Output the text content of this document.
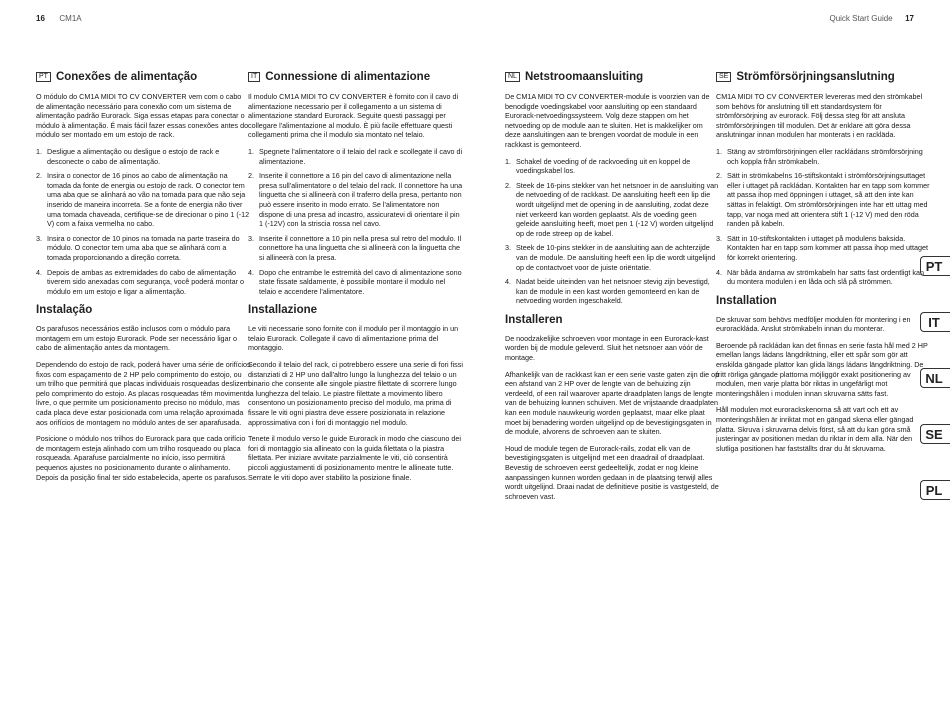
16 CM1A	Quick Start Guide 17
PT Conexões de alimentação

O módulo do CM1A MIDI TO CV CONVERTER vem com o cabo de alimentação necessário para conexão com um sistema de alimentação padrão Eurorack. Siga essas etapas para conectar o módulo à alimentação. É mais fácil fazer essas conexões antes do módulo ser montado em um estojo de rack.

1. Desligue a alimentação ou desligue o estojo de rack e desconecte o cabo de alimentação.
2. Insira o conector de 16 pinos ao cabo de alimentação na tomada da fonte de energia ou estojo de rack. O conector tem uma aba que se alinhará ao vão na tomada para que não seja inserido de maneira incorreta. Se a fonte de energia não tiver uma tomada chaveada, certifique-se de direcionar o pino 1 (-12 V) com a faixa vermelha no cabo.
3. Insira o conector de 10 pinos na tomada na parte traseira do módulo. O conector tem uma aba que se alinhará com a tomada proporcionando a direção correta.
4. Depois de ambas as extremidades do cabo de alimentação tiverem sido anexadas com segurança, você poderá montar o módulo em um estojo e ligar a alimentação.
Instalação

Os parafusos necessários estão inclusos com o módulo para montagem em um estojo Eurorack. Pode ser necessário ligar o cabo de alimentação antes da montagem.

Dependendo do estojo de rack, poderá haver uma série de orifícios fixos com espaçamento de 2 HP pelo comprimento do estojo, ou um trilho que permitirá que placas individuais rosqueadas deslizem pelo comprimento do estojo. As placas rosqueadas têm movimento livre, o que permite um posicionamento preciso no módulo, mas cada placa deve estar posicionada com uma relação aproximada aos orifícios de montagem no módulo antes de ser aparafusada.

Posicione o módulo nos trilhos do Eurorack para que cada orifício de montagem esteja alinhado com um trilho rosqueado ou placa rosqueada. Aparafuse parcialmente no início, isso permitirá pequenos ajustes no posicionamento durante o alinhamento. Depois da posição final ter sido estabelecida, aperte os parafusos.

IT Connessione di alimentazione

Il modulo CM1A MIDI TO CV CONVERTER è fornito con il cavo di alimentazione necessario per il collegamento a un sistema di alimentazione standard Eurorack. Seguite questi passaggi per collegare l'alimentazione al modulo. È più facile effettuare questi collegamenti prima che il modulo sia montato nel telaio.

1. Spegnete l'alimentatore o il telaio del rack e scollegate il cavo di alimentazione.
2. Inserite il connettore a 16 pin del cavo di alimentazione nella presa sull'alimentatore o del telaio del rack. Il connettore ha una linguetta che si allineerà con il traferro della presa, pertanto non può essere inserito in modo errato. Se l'alimentatore non dispone di una presa ad incastro, assicuratevi di orientare il pin 1 (-12V) con la striscia rossa nel cavo.
3. Inserite il connettore a 10 pin nella presa sul retro del modulo. Il connettore ha una linguetta che si allineerà con la linguetta che si allineerà con la presa.
4. Dopo che entrambe le estremità del cavo di alimentazione sono state fissate saldamente, è possibile montare il modulo nel telaio e accendere l'alimentatore.
Installazione

Le viti necessarie sono fornite con il modulo per il montaggio in un telaio Eurorack. Collegate il cavo di alimentazione prima del montaggio.

Secondo il telaio del rack, ci potrebbero essere una serie di fori fissi distanziati di 2 HP uno dall'altro lungo la lunghezza del telaio o un binario che consente alle singole piastre filettate di scorrere lungo la lunghezza del telaio. Le piastre filettate a movimento libero consentono un posizionamento preciso del modulo, ma prima di fissare le viti ogni piastra deve essere posizionata in relazione approssimativa con i fori di montaggio nel modulo.

Tenete il modulo verso le guide Eurorack in modo che ciascuno dei fori di montaggio sia allineato con la guida filettata o la piastra filettata. Per iniziare avvitate parzialmente le viti, ciò consentirà piccoli aggiustamenti di posizionamento mentre le allineate tutte. Serrate le viti dopo aver stabilito la posizione finale.

NL Netstroomaansluiting

De CM1A MIDI TO CV CONVERTER-module is voorzien van de benodigde voedingskabel voor aansluiting op een standaard Eurorack-netvoedingssysteem. Volg deze stappen om het netvoeding op de module aan te sluiten. Het is makkelijker om deze aansluitingen aan te brengen voordat de module in een rackkast is gemonteerd.

1. Schakel de voeding of de rackvoeding uit en koppel de voedingskabel los.
2. Steek de 16-pins stekker van het netsnoer in de aansluiting van de netvoeding of de rackkast. De aansluiting heeft een lip die wordt uitgelijnd met de opening in de aansluiting, zodat deze niet verkeerd kan worden geplaatst. Als de voeding geen geleide aansluiting heeft, moet pen 1 (-12 V) worden uitgelijnd op de rode streep op de kabel.
3. Steek de 10-pins stekker in de aansluiting aan de achterzijde van de module. De aansluiting heeft een lip die wordt uitgelijnd op de contactvoet voor de juiste oriëntatie.
4. Nadat beide uiteinden van het netsnoer stevig zijn bevestigd, kan de module in een kast worden gemonteerd en kan de netvoeding worden ingeschakeld.
Installeren

De noodzakelijke schroeven voor montage in een Eurorack-kast worden bij de module geleverd. Sluit het netsnoer aan vóór de montage.

Afhankelijk van de rackkast kan er een serie vaste gaten zijn die op een afstand van 2 HP over de lengte van de behuizing zijn verdeeld, of een rail waarover aparte draadplaten langs de lengte van de behuizing kunnen schuiven. Met de vrijstaande draadplaten kan een module nauwkeurig worden geplaatst, maar elke plaat moet bij benadering worden uitgelijnd op de bevestigingsgaten in de module, alvorens de schroeven aan te sluiten.

Houd de module tegen de Eurorack-rails, zodat elk van de bevestigingsgaten is uitgelijnd met een draadrail of draadplaat. Bevestig de schroeven eerst gedeeltelijk, zodat er nog kleine aanpassingen kunnen worden gedaan in de plaatsing terwijl alles wordt uitgelijnd. Draai nadat de definitieve positie is vastgesteld, de schroeven vast.

SE Strömförsörjningsanslutning

CM1A MIDI TO CV CONVERTER levereras med den strömkabel som behövs för anslutning till ett standardsystem för strömförsörjning av eurorack. Följ dessa steg för att ansluta strömförsörjningen till modulen. Det är enklare att göra dessa anslutningar innan modulen har monterats i en rackläda.

1. Stäng av strömförsörjningen eller rackládans strömförsörjning och koppla från strömkabeln.
2. Sätt in strömkabelns 16-stiftskontakt i strömförsörjningsuttaget eller i uttaget på rackládan. Kontakten har en tapp som kommer att passa ihop med öppningen i uttaget, så att den inte kan sättas in felaktigt. Om strömförsörjningen inte har ett uttag med tapp, var noga med att orientera stift 1 (-12 V) med den röda randen på kabeln.
3. Sätt in 10-stiftskontakten i uttaget på modulens baksida. Kontakten har en tapp som kommer att passa ihop med uttaget för korrekt orientering.
4. När båda ändarna av strömkabeln har satts fast ordentligt kan du montera modulen i en låda och slå på strömmen.
Installation

De skruvar som behövs medföljer modulen för montering i en eurorackláda. Anslut strömkabeln innan du monterar.

Beroende på rackládan kan det finnas en serie fasta hål med 2 HP emellan langs ládans längdriktning, eller ett spår som gör att enskilda gängade plattor kan glida längs ládans längdriktning. De fritt rörliga gängade plattorna möjliggör exakt positionering av modulen, men varje platta bör riktas in ungefärligt mot monteringshålen i modulen innan skruvarna sätts fast.

Håll modulen mot eurorackskenorna så att vart och ett av monteringshålen är inriktat mot en gängad skena eller gängad platta. Skruva i skruvarna delvis först, så att du kan göra små justeringar av positionen medan du riktar in dem alla. När den slutliga positionen har fastställts drar du åt skruvarna.

PT
IT
NL
SE
PL
